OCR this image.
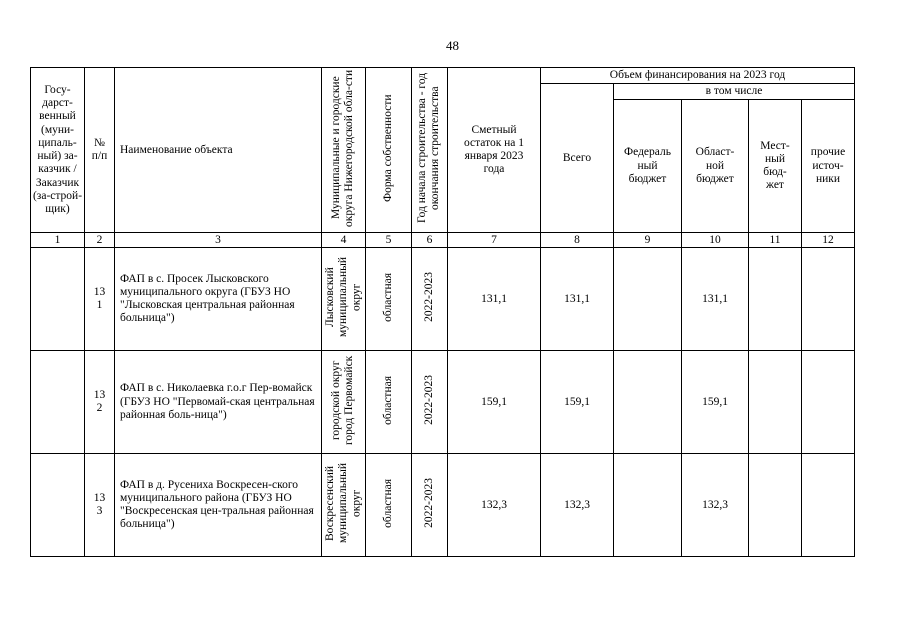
48
Госу-дарст-венный (муни-ципаль-ный) за-казчик / Заказчик (за-строй-щик)	№ п/п	Наименование объекта	Муниципальные и городские округа Нижегородской обла-сти	Форма собственности	Год начала строительства - год окончания строительства	Сметный остаток на 1 января 2023 года	Объем финансирования на 2023 год				
							Всего	в том числе			
								Федераль ный бюджет	Област-ной бюджет	Мест-ный бюд-жет	прочие источ-ники
1	2	3	4	5	6	7	8	9	10	11	12
	131	ФАП в с. Просек Лысковского муниципального округа (ГБУЗ НО "Лысковская центральная районная больница")	Лысковский муниципальный округ	областная	2022-2023	131,1	131,1		131,1		
	132	ФАП в с. Николаевка г.о.г Пер-вомайск (ГБУЗ НО "Первомай-ская центральная районная боль-ница")	городской округ город Первомайск	областная	2022-2023	159,1	159,1		159,1		
	133	ФАП в д. Русениха Воскресен-ского муниципального района (ГБУЗ НО "Воскресенская цен-тральная районная больница")	Воскресенский муниципальный округ	областная	2022-2023	132,3	132,3		132,3		
